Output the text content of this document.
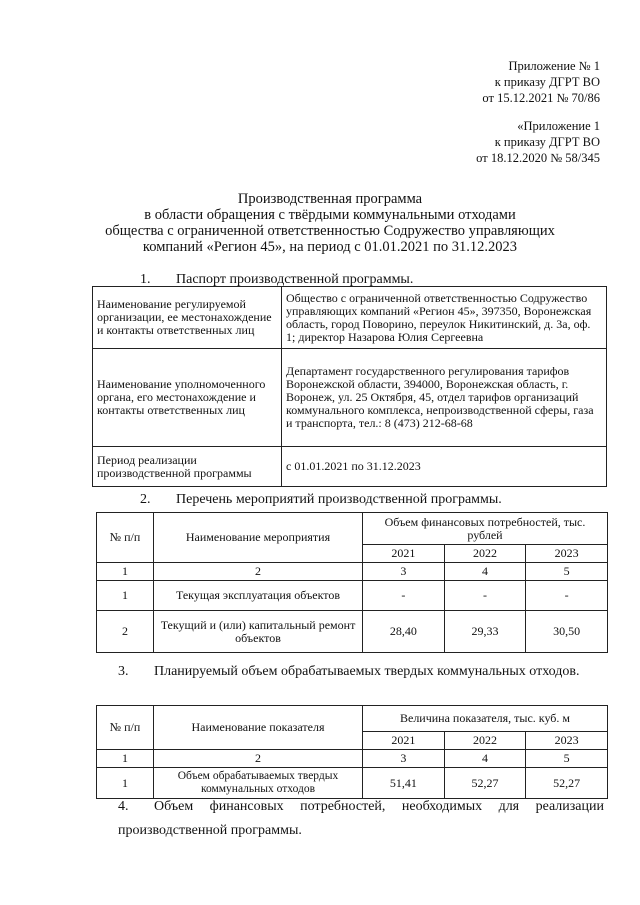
Приложение № 1
к приказу ДГРТ ВО
от 15.12.2021 № 70/86
«Приложение 1
к приказу ДГРТ ВО
от 18.12.2020 № 58/345
Производственная программа
в области обращения с твёрдыми коммунальными отходами
общества с ограниченной ответственностью Содружество управляющих
компаний «Регион 45», на период с 01.01.2021 по 31.12.2023
1. Паспорт производственной программы.
Наименование регулируемой организации, ее местонахождение и контакты ответственных лиц	Общество с ограниченной ответственностью Содружество управляющих компаний «Регион 45», 397350, Воронежская область, город Поворино, переулок Никитинский, д. 3а, оф. 1; директор Назарова Юлия Сергеевна
Наименование уполномоченного органа, его местонахождение и контакты ответственных лиц	Департамент государственного регулирования тарифов Воронежской области, 394000, Воронежская область, г. Воронеж, ул. 25 Октября, 45, отдел тарифов организаций коммунального комплекса, непроизводственной сферы, газа и транспорта, тел.: 8 (473) 212-68-68
Период реализации производственной программы	с 01.01.2021 по 31.12.2023
2. Перечень мероприятий производственной программы.
№ п/п	Наименование мероприятия	Объем финансовых потребностей, тыс. рублей		
		2021	2022	2023
1	2	3	4	5
1	Текущая эксплуатация объектов	-	-	-
2	Текущий и (или) капитальный ремонт объектов	28,40	29,33	30,50
3. Планируемый объем обрабатываемых твердых коммунальных отходов.
№ п/п	Наименование показателя	Величина показателя, тыс. куб. м		
		2021	2022	2023
1	2	3	4	5
1	Объем обрабатываемых твердых коммунальных отходов	51,41	52,27	52,27
4. Объем финансовых потребностей, необходимых для реализации производственной программы.
